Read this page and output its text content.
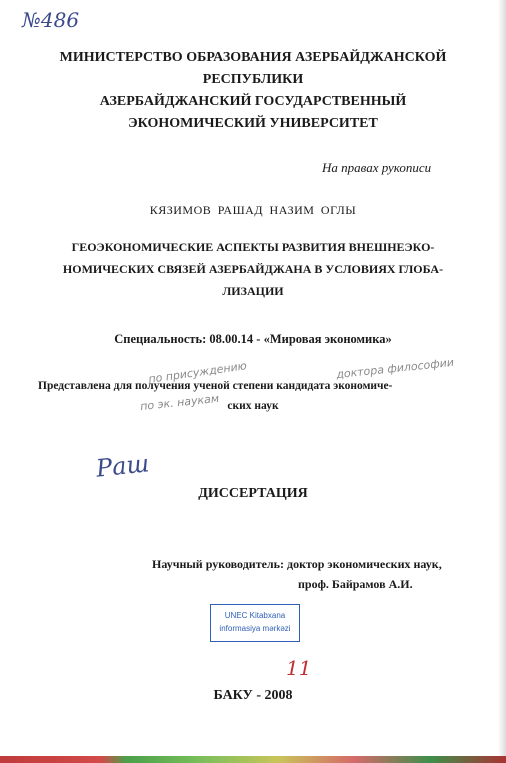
№486
МИНИСТЕРСТВО ОБРАЗОВАНИЯ АЗЕРБАЙДЖАНСКОЙ
РЕСПУБЛИКИ
АЗЕРБАЙДЖАНСКИЙ ГОСУДАРСТВЕННЫЙ
ЭКОНОМИЧЕСКИЙ УНИВЕРСИТЕТ
На правах рукописи
КЯЗИМОВ РАШАД НАЗИМ ОГЛЫ
ГЕОЭКОНОМИЧЕСКИЕ АСПЕКТЫ РАЗВИТИЯ ВНЕШНЕЭКО-
НОМИЧЕСКИХ СВЯЗЕЙ АЗЕРБАЙДЖАНА В УСЛОВИЯХ ГЛОБА-
ЛИЗАЦИИ
Специальность: 08.00.14 - «Мировая экономика»
по присуждению	доктора философии
по эк. наукам
Представлена для получения ученой степени кандидата экономиче-
ских наук
Раш
ДИССЕРТАЦИЯ
Научный руководитель: доктор экономических наук,
проф. Байрамов А.И.
UNEC Kitabxana
informasiya mərkəzi
11
БАКУ - 2008
